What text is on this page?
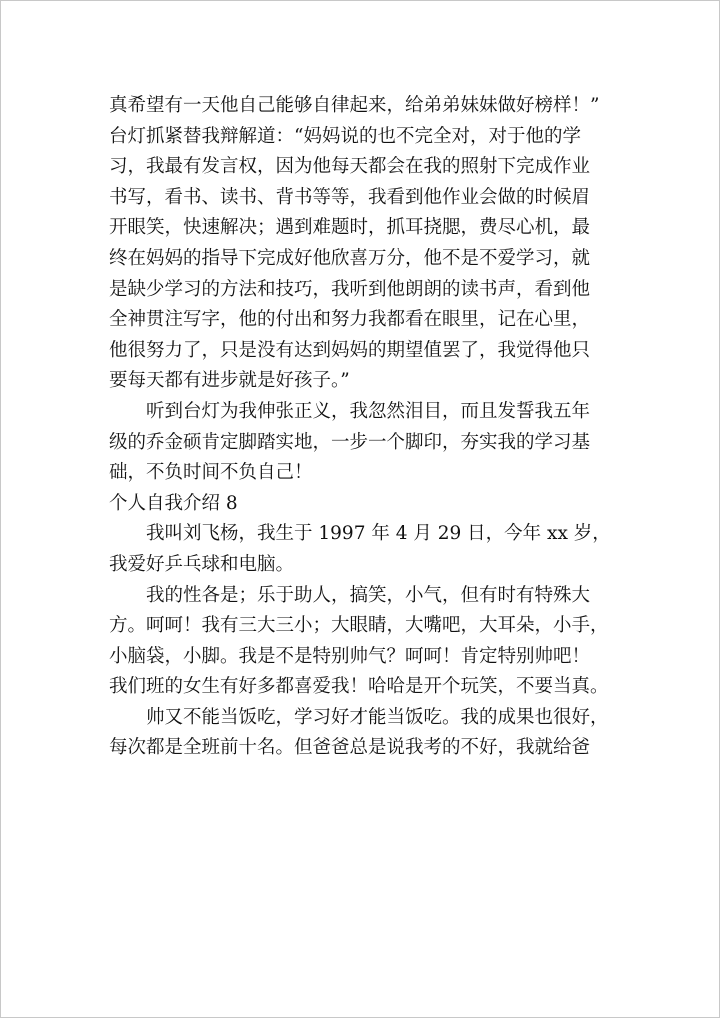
真希望有一天他自己能够自律起来，给弟弟妹妹做好榜样！”
台灯抓紧替我辩解道：“妈妈说的也不完全对，对于他的学
习，我最有发言权，因为他每天都会在我的照射下完成作业
书写，看书、读书、背书等等，我看到他作业会做的时候眉
开眼笑，快速解决；遇到难题时，抓耳挠腮，费尽心机，最
终在妈妈的指导下完成好他欣喜万分，他不是不爱学习，就
是缺少学习的方法和技巧，我听到他朗朗的读书声，看到他
全神贯注写字，他的付出和努力我都看在眼里，记在心里，
他很努力了，只是没有达到妈妈的期望值罢了，我觉得他只
要每天都有进步就是好孩子。”

听到台灯为我伸张正义，我忽然泪目，而且发誓我五年
级的乔金硕肯定脚踏实地，一步一个脚印，夯实我的学习基
础，不负时间不负自己！

个人自我介绍 8

我叫刘飞杨，我生于 1997 年 4 月 29 日，今年 xx 岁，
我爱好乒乓球和电脑。

我的性各是；乐于助人，搞笑，小气，但有时有特殊大
方。呵呵！我有三大三小；大眼睛，大嘴吧，大耳朵，小手，
小脑袋，小脚。我是不是特别帅气？呵呵！肯定特别帅吧！
我们班的女生有好多都喜爱我！哈哈是开个玩笑，不要当真。

帅又不能当饭吃，学习好才能当饭吃。我的成果也很好，
每次都是全班前十名。但爸爸总是说我考的不好，我就给爸
